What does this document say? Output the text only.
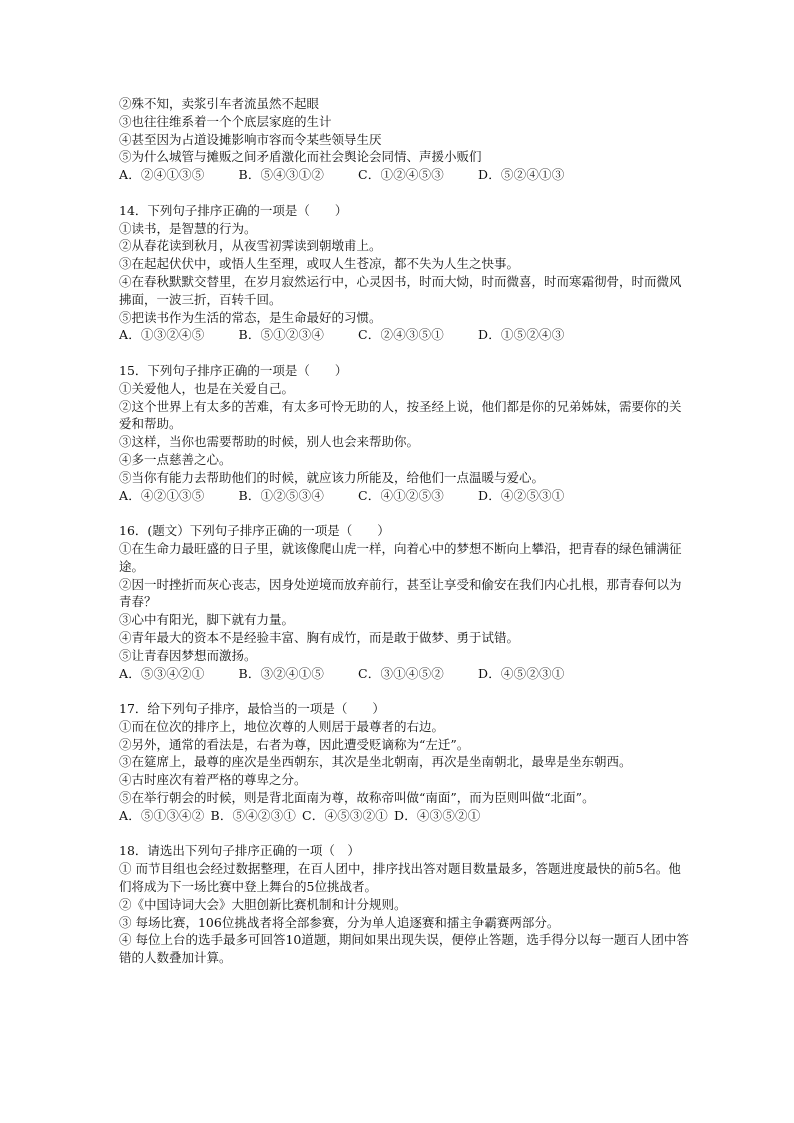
②殊不知，卖浆引车者流虽然不起眼
③也往往维系着一个个底层家庭的生计
④甚至因为占道设摊影响市容而令某些领导生厌
⑤为什么城管与摊贩之间矛盾激化而社会舆论会同情、声援小贩们
A．②④①③⑤	B．⑤④③①②	C．①②④⑤③	D．⑤②④①③
14．下列句子排序正确的一项是（　　）
①读书，是智慧的行为。
②从春花读到秋月，从夜雪初霁读到朝墩甫上。
③在起起伏伏中，或悟人生至理，或叹人生苍凉，都不失为人生之快事。
④在春秋默默交替里，在岁月寂然运行中，心灵因书，时而大恸，时而微喜，时而寒霜彻骨，时而微风拂面，一波三折，百转千回。
⑤把读书作为生活的常态，是生命最好的习惯。
A．①③②④⑤	B．⑤①②③④	C．②④③⑤①	D．①⑤②④③
15．下列句子排序正确的一项是（　　）
①关爱他人，也是在关爱自己。
②这个世界上有太多的苦难，有太多可怜无助的人，按圣经上说，他们都是你的兄弟姊妹，需要你的关爱和帮助。
③这样，当你也需要帮助的时候，别人也会来帮助你。
④多一点慈善之心。
⑤当你有能力去帮助他们的时候，就应该力所能及，给他们一点温暖与爱心。
A．④②①③⑤	B．①②⑤③④	C．④①②⑤③	D．④②⑤③①
16．(题文）下列句子排序正确的一项是（　　）
①在生命力最旺盛的日子里，就该像爬山虎一样，向着心中的梦想不断向上攀沿，把青春的绿色铺满征途。
②因一时挫折而灰心丧志，因身处逆境而放弃前行，甚至让享受和偷安在我们内心扎根，那青春何以为青春？
③心中有阳光，脚下就有力量。
④青年最大的资本不是经验丰富、胸有成竹，而是敢于做梦、勇于试错。
⑤让青春因梦想而激扬。
A．⑤③④②①	B．③②④①⑤	C．③①④⑤②	D．④⑤②③①
17．给下列句子排序，最恰当的一项是（　　）
①而在位次的排序上，地位次尊的人则居于最尊者的右边。
②另外，通常的看法是，右者为尊，因此遭受贬谪称为“左迁”。
③在筵席上，最尊的座次是坐西朝东，其次是坐北朝南，再次是坐南朝北，最卑是坐东朝西。
④古时座次有着严格的尊卑之分。
⑤在举行朝会的时候，则是背北面南为尊，故称帝叫做“南面”，而为臣则叫做“北面”。
A．⑤①③④② B．⑤④②③① C．④⑤③②① D．④③⑤②①
18．请选出下列句子排序正确的一项（　）
① 而节目组也会经过数据整理，在百人团中，排序找出答对题目数量最多，答题进度最快的前5名。他们将成为下一场比赛中登上舞台的5位挑战者。
②《中国诗词大会》大胆创新比赛机制和计分规则。
③ 每场比赛，106位挑战者将全部参赛，分为单人追逐赛和擂主争霸赛两部分。
④ 每位上台的选手最多可回答10道题，期间如果出现失误，便停止答题，选手得分以每一题百人团中答错的人数叠加计算。
